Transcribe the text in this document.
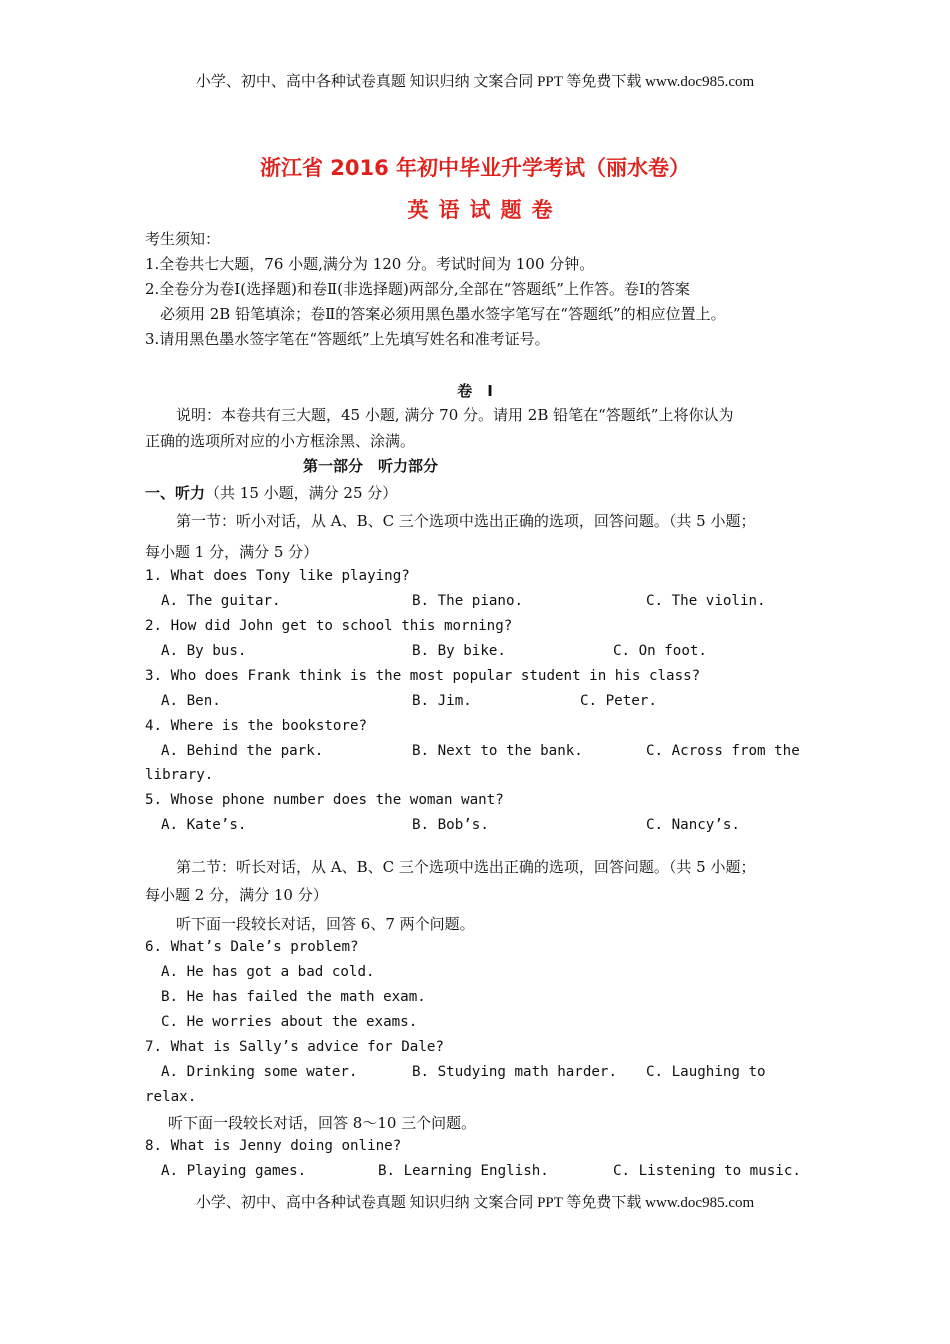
小学、初中、高中各种试卷真题 知识归纳 文案合同 PPT 等免费下载 www.doc985.com
浙江省 2016 年初中毕业升学考试（丽水卷）
英语试题卷
考生须知：
1.全卷共七大题，76 小题,满分为 120 分。考试时间为 100 分钟。
2.全卷分为卷Ⅰ(选择题)和卷Ⅱ(非选择题)两部分,全部在“答题纸”上作答。卷Ⅰ的答案
必须用 2B 铅笔填涂；卷Ⅱ的答案必须用黑色墨水签字笔写在“答题纸”的相应位置上。
3.请用黑色墨水签字笔在“答题纸”上先填写姓名和准考证号。
卷　Ⅰ
说明：本卷共有三大题，45 小题, 满分 70 分。请用 2B 铅笔在“答题纸”上将你认为
正确的选项所对应的小方框涂黑、涂满。
第一部分　听力部分
一、听力（共 15 小题，满分 25 分）
第一节：听小对话，从 A、B、C 三个选项中选出正确的选项，回答问题。（共 5 小题；
每小题 1 分，满分 5 分）
1. What does Tony like playing?
A. The guitar.	B. The piano.	C. The violin.
2. How did John get to school this morning?
A. By bus.	B. By bike.	C. On foot.
3. Who does Frank think is the most popular student in his class?
A. Ben.	B. Jim.	C. Peter.
4. Where is the bookstore?
A. Behind the park.	B. Next to the bank.	C. Across from the
library.
5. Whose phone number does the woman want?
A. Kate’s.	B. Bob’s.	C. Nancy’s.
第二节：听长对话，从 A、B、C 三个选项中选出正确的选项，回答问题。（共 5 小题；
每小题 2 分，满分 10 分）
听下面一段较长对话，回答 6、7 两个问题。
6. What’s Dale’s problem?
A. He has got a bad cold.
B. He has failed the math exam.
C. He worries about the exams.
7. What is Sally’s advice for Dale?
A. Drinking some water.	B. Studying math harder. C. Laughing to
relax.
听下面一段较长对话，回答 8～10 三个问题。
8. What is Jenny doing online?
A. Playing games.	B. Learning English.	C. Listening to music.
小学、初中、高中各种试卷真题 知识归纳 文案合同 PPT 等免费下载 www.doc985.com
